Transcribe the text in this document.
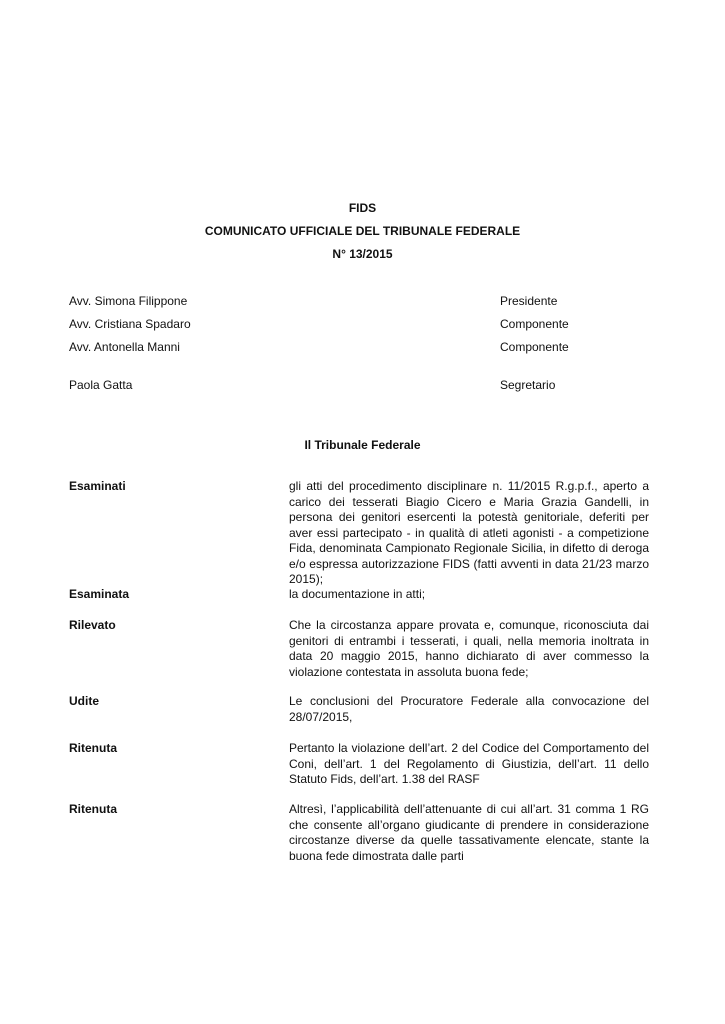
FIDS
COMUNICATO UFFICIALE DEL TRIBUNALE FEDERALE
N° 13/2015
Avv. Simona Filippone	Presidente
Avv. Cristiana Spadaro	Componente
Avv. Antonella Manni	Componente
Paola Gatta	Segretario
Il Tribunale Federale
Esaminati	gli atti del procedimento disciplinare n. 11/2015 R.g.p.f., aperto a carico dei tesserati Biagio Cicero e Maria Grazia Gandelli, in persona dei genitori esercenti la potestà genitoriale, deferiti per aver essi partecipato - in qualità di atleti agonisti - a competizione Fida, denominata Campionato Regionale Sicilia, in difetto di deroga e/o espressa autorizzazione FIDS (fatti avventi in data 21/23 marzo 2015);
Esaminata	la documentazione in atti;
Rilevato	Che la circostanza appare provata e, comunque, riconosciuta dai genitori di entrambi i tesserati, i quali, nella memoria inoltrata in data 20 maggio 2015, hanno dichiarato di aver commesso la violazione contestata in assoluta buona fede;
Udite	Le conclusioni del Procuratore Federale alla convocazione del 28/07/2015,
Ritenuta	Pertanto la violazione dell’art. 2 del Codice del Comportamento del Coni, dell’art. 1 del Regolamento di Giustizia, dell’art. 11 dello Statuto Fids, dell’art. 1.38 del RASF
Ritenuta	Altresì, l’applicabilità dell’attenuante di cui all’art. 31 comma 1 RG che consente all’organo giudicante di prendere in considerazione circostanze diverse da quelle tassativamente elencate, stante la buona fede dimostrata dalle parti
